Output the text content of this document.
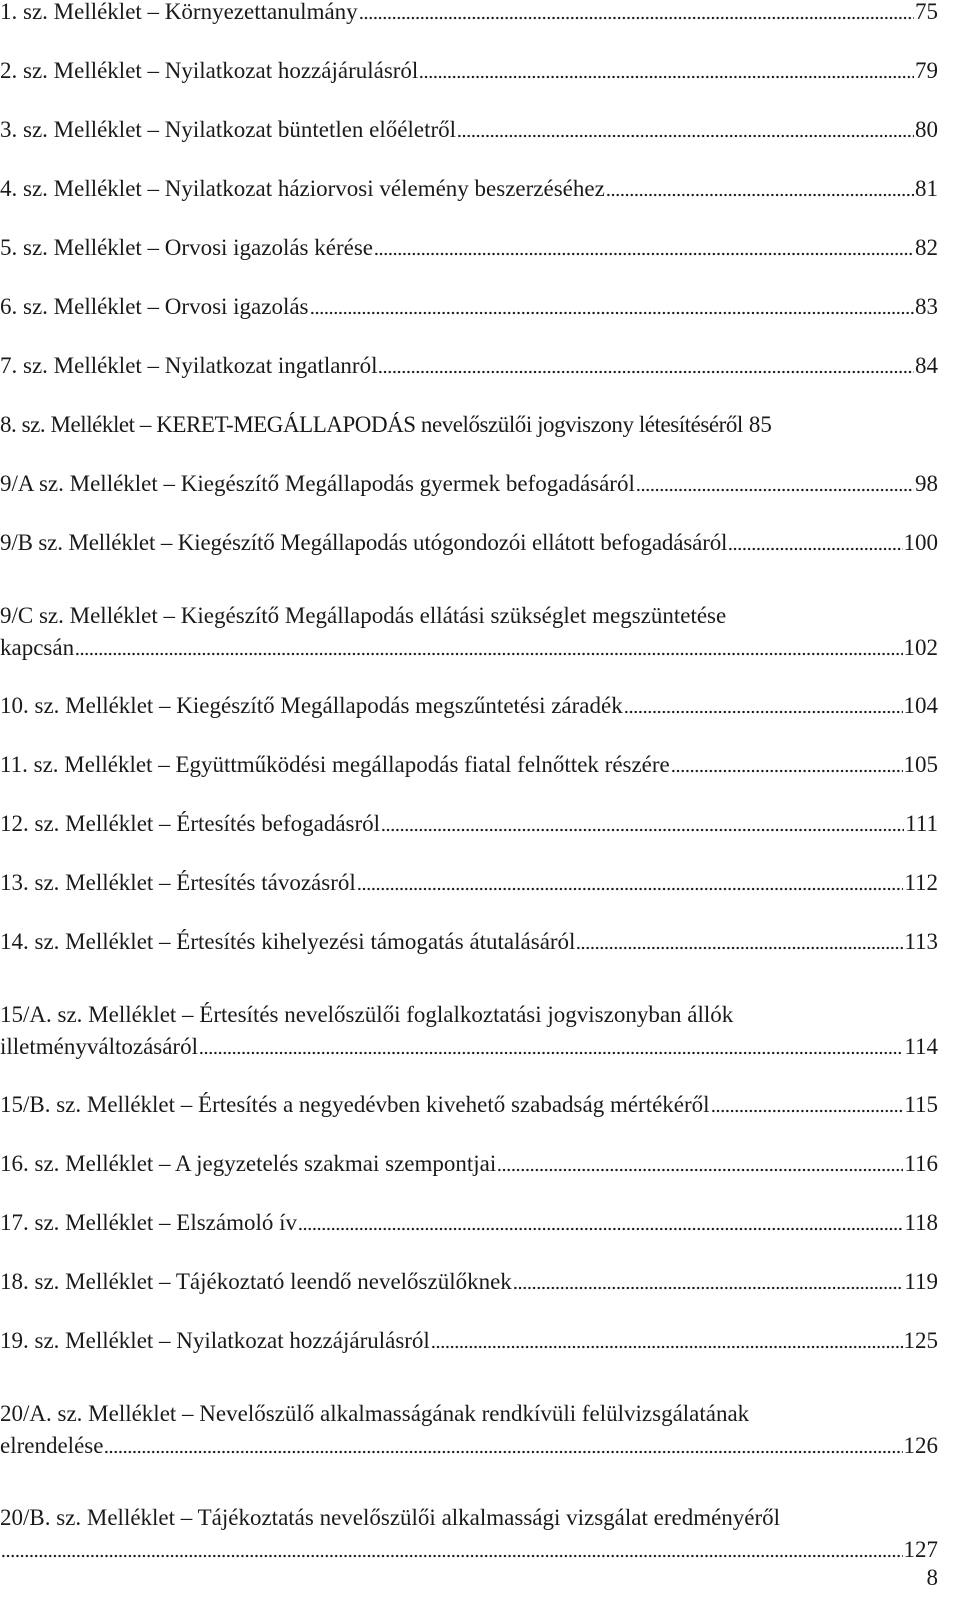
1. sz. Melléklet – Környezettanulmány	75
2. sz. Melléklet – Nyilatkozat hozzájárulásról	79
3. sz. Melléklet – Nyilatkozat büntetlen előéletről	80
4. sz. Melléklet – Nyilatkozat háziorvosi vélemény beszerzéséhez	81
5. sz. Melléklet – Orvosi igazolás kérése	82
6. sz. Melléklet – Orvosi igazolás	83
7. sz. Melléklet – Nyilatkozat ingatlanról	84
8. sz. Melléklet – KERET-MEGÁLLAPODÁS nevelőszülői jogviszony létesítéséről 85
9/A sz. Melléklet – Kiegészítő Megállapodás gyermek befogadásáról	98
9/B sz. Melléklet – Kiegészítő Megállapodás utógondozói ellátott befogadásáról	100
9/C sz. Melléklet – Kiegészítő Megállapodás ellátási szükséglet megszüntetése
kapcsán	102
10. sz. Melléklet – Kiegészítő Megállapodás megszűntetési záradék	104
11. sz. Melléklet – Együttműködési megállapodás fiatal felnőttek részére	105
12. sz. Melléklet – Értesítés befogadásról	111
13. sz. Melléklet – Értesítés távozásról	112
14. sz. Melléklet – Értesítés kihelyezési támogatás átutalásáról	113
15/A. sz. Melléklet – Értesítés nevelőszülői foglalkoztatási jogviszonyban állók
illetményváltozásáról	114
15/B. sz. Melléklet – Értesítés a negyedévben kivehető szabadság mértékéről	115
16. sz. Melléklet – A jegyzetelés szakmai szempontjai	116
17. sz. Melléklet – Elszámoló ív	118
18. sz. Melléklet – Tájékoztató leendő nevelőszülőknek	119
19. sz. Melléklet – Nyilatkozat hozzájárulásról	125
20/A. sz. Melléklet – Nevelőszülő alkalmasságának rendkívüli felülvizsgálatának
elrendelése	126
20/B. sz. Melléklet – Tájékoztatás nevelőszülői alkalmassági vizsgálat eredményéről
127
8
